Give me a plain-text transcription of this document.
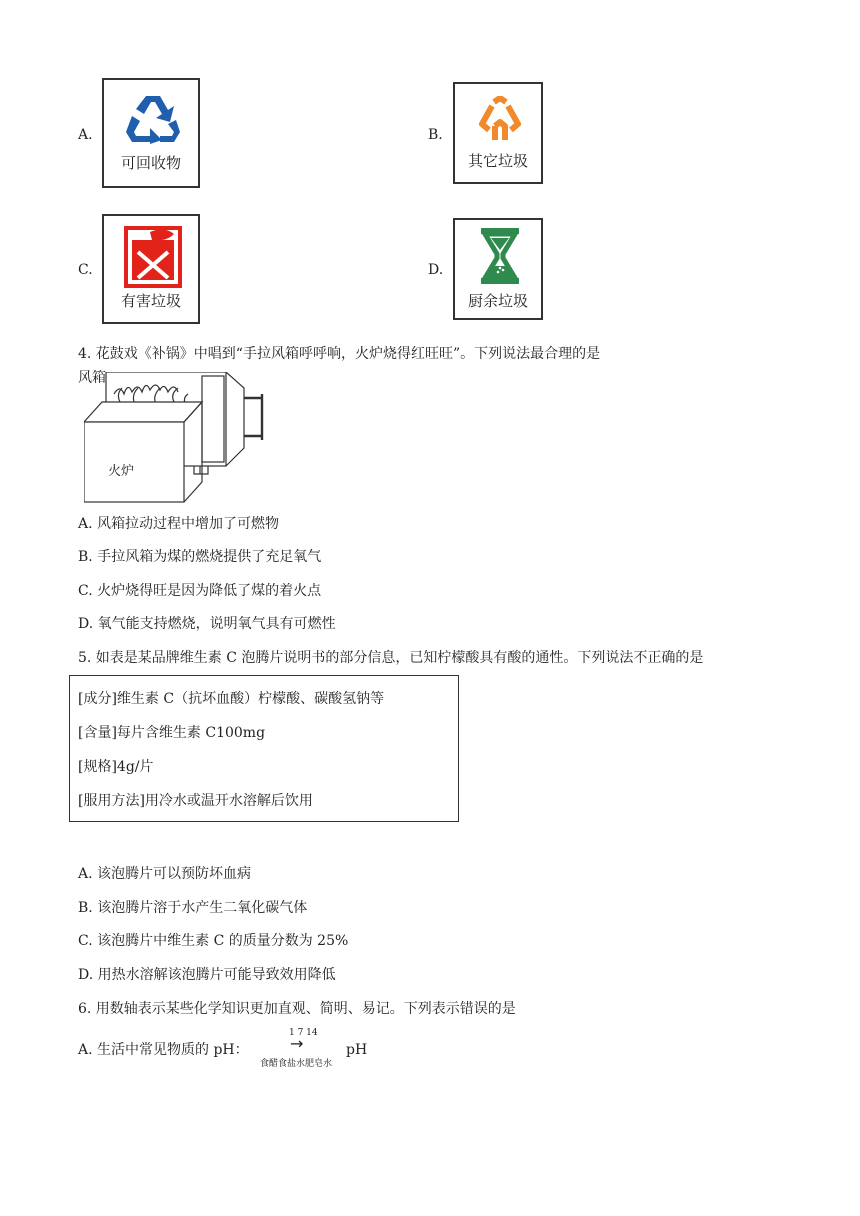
A.
可回收物
B.
其它垃圾
C.
有害垃圾
D.
厨余垃圾
4. 花鼓戏《补锅》中唱到“手拉风箱呼呼响，火炉烧得红旺旺”。下列说法最合理的是
风箱
火炉
A. 风箱拉动过程中增加了可燃物
B. 手拉风箱为煤的燃烧提供了充足氧气
C. 火炉烧得旺是因为降低了煤的着火点
D. 氧气能支持燃烧，说明氧气具有可燃性
5. 如表是某品牌维生素 C 泡腾片说明书的部分信息，已知柠檬酸具有酸的通性。下列说法不正确的是
[成分]维生素 C（抗坏血酸）柠檬酸、碳酸氢钠等
[含量]每片含维生素 C100mg
[规格]4g/片
[服用方法]用冷水或温开水溶解后饮用
A. 该泡腾片可以预防坏血病
B. 该泡腾片溶于水产生二氧化碳气体
C. 该泡腾片中维生素 C 的质量分数为 25%
D. 用热水溶解该泡腾片可能导致效用降低
6. 用数轴表示某些化学知识更加直观、简明、易记。下列表示错误的是
A. 生活中常见物质的 pH：
1 7 14
→
食醋食盐水肥皂水
pH
